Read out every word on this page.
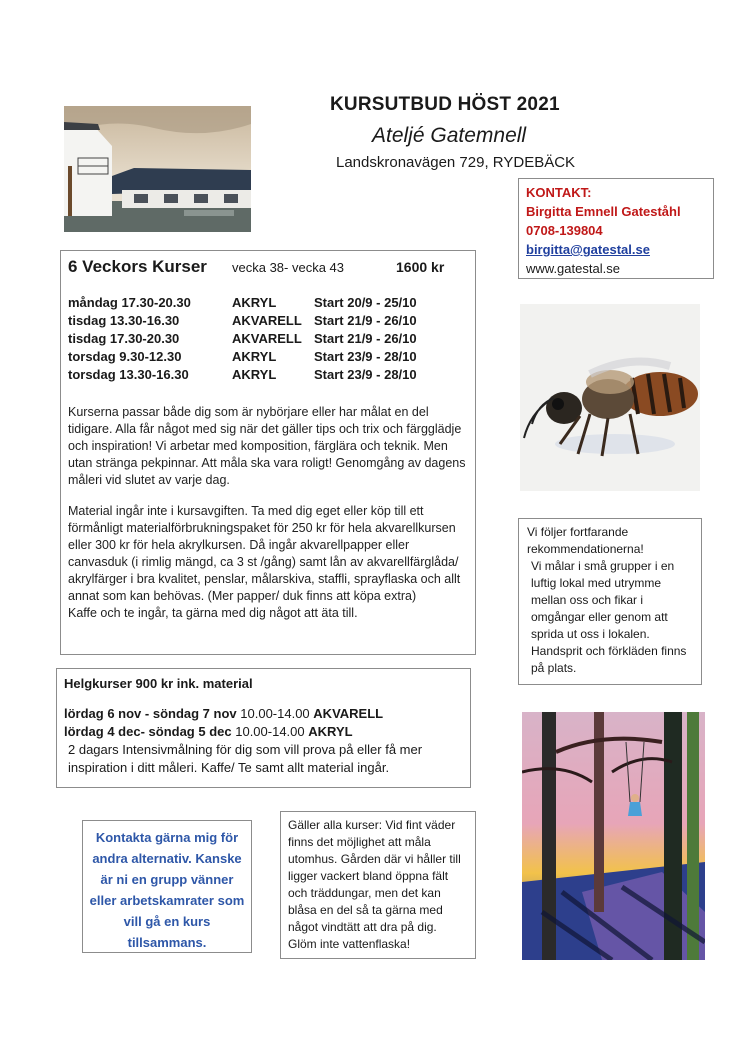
KURSUTBUD HÖST 2021
Ateljé Gatemnell
Landskronavägen 729, RYDEBÄCK
KONTAKT:
Birgitta Emnell Gateståhl
0708-139804
birgitta@gatestal.se
www.gatestal.se
6 Veckors Kurser	vecka 38- vecka 43	1600 kr
måndag 17.30-20.30	AKRYL	Start 20/9 - 25/10
tisdag 13.30-16.30	AKVARELL Start 21/9 - 26/10
tisdag 17.30-20.30	AKVARELL Start 21/9 - 26/10
torsdag 9.30-12.30	AKRYL	Start 23/9 - 28/10
torsdag 13.30-16.30	AKRYL	Start 23/9 - 28/10
Kurserna passar både dig som är nybörjare eller har målat en del tidigare. Alla får något med sig när det gäller tips och trix och färgglädje och inspiration! Vi arbetar med komposition, färglära och teknik. Men utan stränga pekpinnar. Att måla ska vara roligt! Genomgång av dagens måleri vid slutet av varje dag.
Material ingår inte i kursavgiften. Ta med dig eget eller köp till ett förmånligt materialförbrukningspaket för 250 kr för hela akvarellkursen eller 300 kr för hela akrylkursen. Då ingår akvarellpapper eller canvasduk (i rimlig mängd, ca 3 st /gång) samt lån av akvarellfärglåda/ akrylfärger i bra kvalitet, penslar, målarskiva, staffli, sprayflaska och allt annat som kan behövas. (Mer papper/ duk finns att köpa extra)
Kaffe och te ingår, ta gärna med dig något att äta till.
Vi följer fortfarande rekommendationerna!
Vi målar i små grupper i en luftig lokal med utrymme mellan oss och fikar i omgångar eller genom att sprida ut oss i lokalen.
Handsprit och förkläden finns på plats.
Helgkurser 900 kr ink. material
lördag 6 nov - söndag 7 nov 10.00-14.00 AKVARELL
lördag 4 dec- söndag 5 dec 10.00-14.00 AKRYL
2 dagars Intensivmålning för dig som vill prova på eller få mer inspiration i ditt måleri. Kaffe/ Te samt allt material ingår.
Kontakta gärna mig för andra alternativ. Kanske är ni en grupp vänner eller arbetskamrater som vill gå en kurs tillsammans.
Gäller alla kurser: Vid fint väder finns det möjlighet att måla utomhus. Gården där vi håller till ligger vackert bland öppna fält och träddungar, men det kan blåsa en del så ta gärna med något vindtätt att dra på dig. Glöm inte vattenflaska!
